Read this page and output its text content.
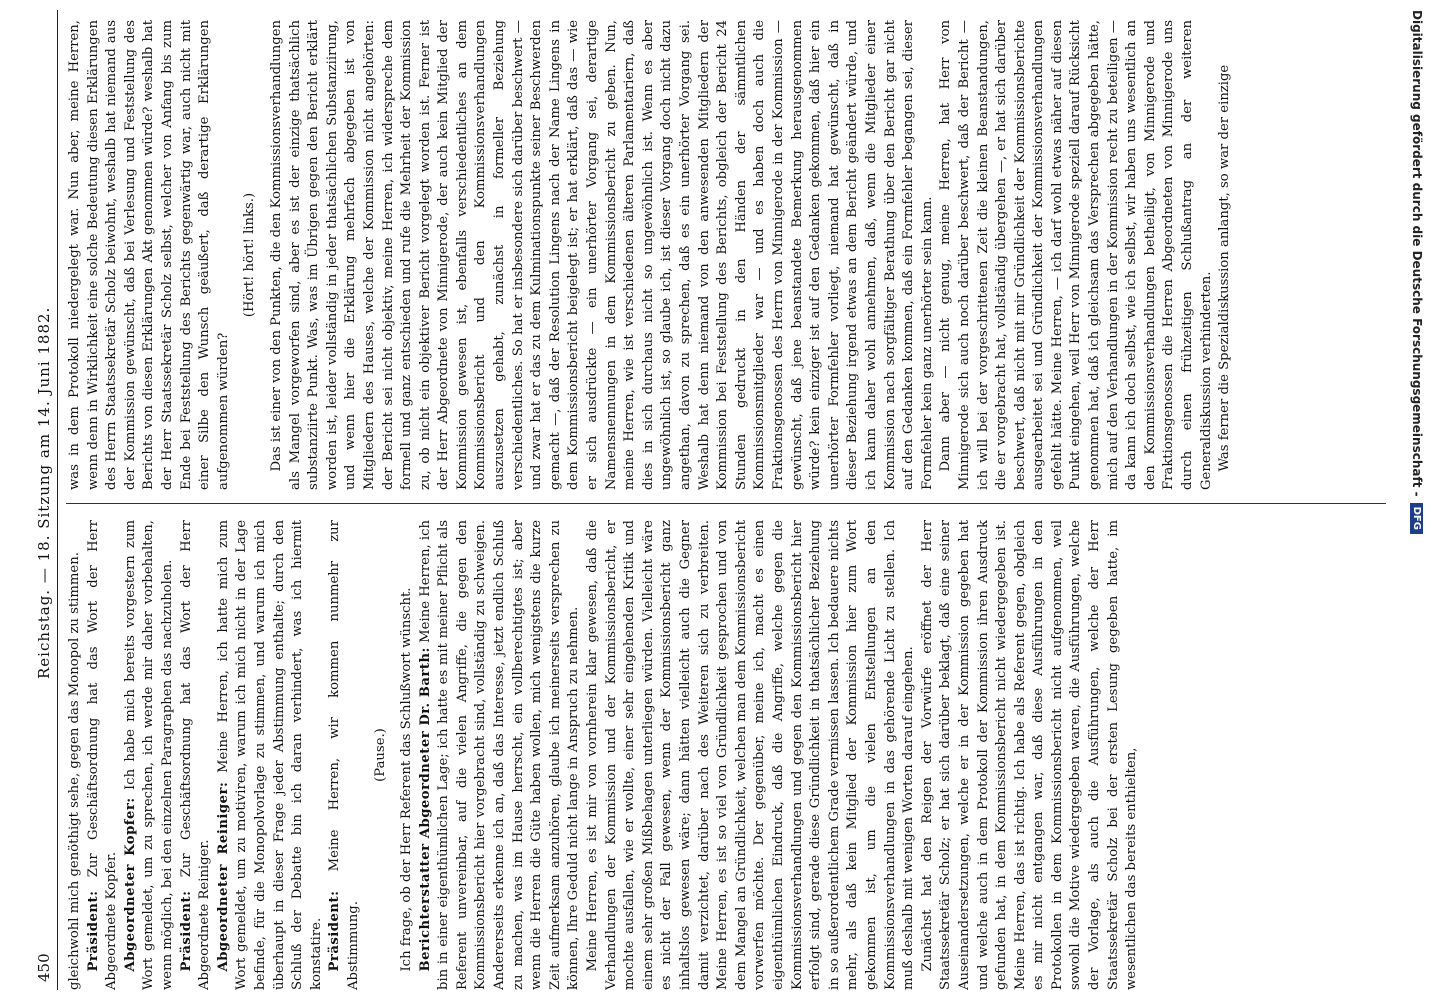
450
Reichstag. — 18. Sitzung am 14. Juni 1882.

gleichwohl mich genöthigt sehe, gegen das Monopol zu stimmen. Präsident: Zur Geschäftsordnung hat das Wort der Herr Abgeordnete Kopfer. Abgeordneter Kopfer: Ich habe mich bereits vorgestern zum Wort gemeldet, um zu sprechen, ich werde mir daher vorbehalten, wenn möglich, bei den einzelnen Paragraphen das nachzuholen. Präsident: Zur Geschäftsordnung hat das Wort der Herr Abgeordnete Reiniger. Abgeordneter Reiniger: Meine Herren, ich hatte mich zum Wort gemeldet, um zu motiviren, warum ich mich nicht in der Lage befinde, für die Monopolvorlage zu stimmen, und warum ich mich überhaupt in dieser Frage jeder Abstimmung enthalte; durch den Schluß der Debatte bin ich daran verhindert, was ich hiermit konstatire. Präsident: Meine Herren, wir kommen nunmehr zur Abstimmung.

(Pause.) Ich frage, ob der Herr Referent das Schlußwort wünscht. Berichterstatter Abgeordneter Dr. Barth: Meine Herren, ich bin in einer eigenthümlichen Lage; ich hatte es mit meiner Pflicht als Referent unvereinbar, auf die vielen Angriffe, die gegen den Kommissionsbericht hier vorgebracht sind, vollständig zu schweigen. Andererseits erkenne ich an, daß das Interesse, jetzt endlich Schluß zu machen, was im Hause herrscht, ein vollberechtigtes ist; aber wenn die Herren die Güte haben wollen, mich wenigstens die kurze Zeit aufmerksam anzuhören, glaube ich meinerseits versprechen zu können, Ihre Geduld nicht lange in Anspruch zu nehmen. Meine Herren, es ist mir von vornherein klar gewesen, daß die Verhandlungen der Kommission und der Kommissionsbericht, er mochte ausfallen, wie er wollte, einer sehr eingehenden Kritik und einem sehr großen Mißbehagen unterliegen würden. Vielleicht wäre es nicht der Fall gewesen, wenn der Kommissionsbericht ganz inhaltslos gewesen wäre; dann hätten vielleicht auch die Gegner damit verzichtet, darüber nach des Weiteren sich zu verbreiten. Meine Herren, es ist so viel von Gründlichkeit gesprochen und von dem Mangel an Gründlichkeit, welchen man dem Kommissionsbericht vorwerfen möchte. Der gegenüber, meine ich, macht es einen eigenthümlichen Eindruck, daß die Angriffe, welche gegen die Kommissionsverhandlungen und gegen den Kommissionsbericht hier erfolgt sind, gerade diese Gründlichkeit in thatsächlicher Beziehung in so außerordentlichem Grade vermissen lassen. Ich bedauere nichts mehr, als daß kein Mitglied der Kommission hier zum Wort gekommen ist, um die vielen Entstellungen an den Kommissionsverhandlungen in das gehörende Licht zu stellen. Ich muß deshalb mit wenigen Worten darauf eingehen. Zunächst hat den Reigen der Vorwürfe eröffnet der Herr Staatssekretär Scholz; er hat sich darüber beklagt, daß eine seiner Auseinandersetzungen, welche er in der Kommission gegeben hat und welche auch in dem Protokoll der Kommission ihren Ausdruck gefunden hat, in dem Kommissionsbericht nicht wiedergegeben ist. Meine Herren, das ist richtig. Ich habe als Referent gegen, obgleich es mir nicht entgangen war, daß diese Ausführungen in den Protokollen in dem Kommissionsbericht nicht aufgenommen, weil sowohl die Motive wiedergegeben waren, die Ausführungen, welche der Vorlage, als auch die Ausführungen, welche der Herr Staatssekretär Scholz bei der ersten Lesung gegeben hatte, im wesentlichen das bereits enthielten,

was in dem Protokoll niedergelegt war. Nun aber, meine Herren, wenn denn in Wirklichkeit eine solche Bedeutung diesen Erklärungen des Herrn Staatssekretär Scholz beiwohnt, weshalb hat niemand aus der Kommission gewünscht, daß bei Verlesung und Feststellung des Berichts von diesen Erklärungen Akt genommen würde? weshalb hat der Herr Staatssekretär Scholz selbst, welcher von Anfang bis zum Ende bei Feststellung des Berichts gegenwärtig war, auch nicht mit einer Silbe den Wunsch geäußert, daß derartige Erklärungen aufgenommen würden?

(Hört! hört! links.) Das ist einer von den Punkten, die den Kommissionsverhandlungen als Mangel vorgeworfen sind, aber es ist der einzige thatsächlich substanziirte Punkt. Was, was im Übrigen gegen den Bericht erklärt worden ist, leider vollständig in jeder thatsächlichen Substanziirung, und wenn hier die Erklärung mehrfach abgegeben ist von Mitgliedern des Hauses, welche der Kommission nicht angehörten: der Bericht sei nicht objektiv, meine Herren, ich widerspreche dem formell und ganz entschieden und rufe die Mehrheit der Kommission zu, ob nicht ein objektiver Bericht vorgelegt worden ist. Ferner ist der Herr Abgeordnete von Minnigerode, der auch kein Mitglied der Kommission gewesen ist, ebenfalls verschiedentliches an dem Kommissionsbericht und den Kommissionsverhandlungen auszusetzen gehabt, zunächst in formeller Beziehung verschiedentliches. So hat er insbesondere sich darüber beschwert — und zwar hat er das zu dem Kulminationspunkte seiner Beschwerden gemacht —, daß der Resolution Lingens nach der Name Lingens in dem Kommissionsbericht beigelegt ist; er hat erklärt, daß das — wie er sich ausdrückte — ein unerhörter Vorgang sei, derartige Namensnennungen in dem Kommissionsbericht zu geben. Nun, meine Herren, wie ist verschiedenen älteren Parlamentariern, daß dies in sich durchaus nicht so ungewöhnlich ist. Wenn es aber ungewöhnlich ist, so glaube ich, ist dieser Vorgang doch nicht dazu angethan, davon zu sprechen, daß es ein unerhörter Vorgang sei. Weshalb hat denn niemand von den anwesenden Mitgliedern der Kommission bei Feststellung des Berichts, obgleich der Bericht 24 Stunden gedruckt in den Händen der sämmtlichen Kommissionsmitglieder war — und es haben doch auch die Fraktionsgenossen des Herrn von Minnigerode in der Kommission — gewünscht, daß jene beanstandete Bemerkung herausgenommen würde? kein einziger ist auf den Gedanken gekommen, daß hier ein unerhörter Formfehler vorliegt, niemand hat gewünscht, daß in dieser Beziehung irgend etwas an dem Bericht geändert würde, und ich kann daher wohl annehmen, daß, wenn die Mitglieder einer Kommission nach sorgfältiger Berathung über den Bericht gar nicht auf den Gedanken kommen, daß ein Formfehler begangen sei, dieser Formfehler kein ganz unerhörter sein kann. Dann aber — nicht genug, meine Herren, hat Herr von Minnigerode sich auch noch darüber beschwert, daß der Bericht — ich will bei der vorgeschrittenen Zeit die kleinen Beanstandungen, die er vorgebracht hat, vollständig übergehen —, er hat sich darüber beschwert, daß nicht mit mir Gründlichkeit der Kommissionsberichte ausgearbeitet sei und Gründlichkeit der Kommissionsverhandlungen gefehlt hätte. Meine Herren, — ich darf wohl etwas näher auf diesen Punkt eingehen, weil Herr von Minnigerode speziell darauf Rücksicht genommen hat, daß ich gleichsam das Versprechen abgegeben hätte, mich auf den Verhandlungen in der Kommission recht zu beteiligen — da kann ich doch selbst, wie ich selbst, wir haben uns wesentlich an den Kommissionsverhandlungen betheiligt, von Minnigerode und Fraktionsgenossen die Herren Abgeordneten von Minnigerode uns durch einen frühzeitigen Schlußantrag an der weiteren Generaldiskussion verhinderten. Was ferner die Spezialdiskussion anlangt, so war der einzige	Digitalisierung gefördert durch die Deutsche Forschungsgemeinschaft -
DFG
